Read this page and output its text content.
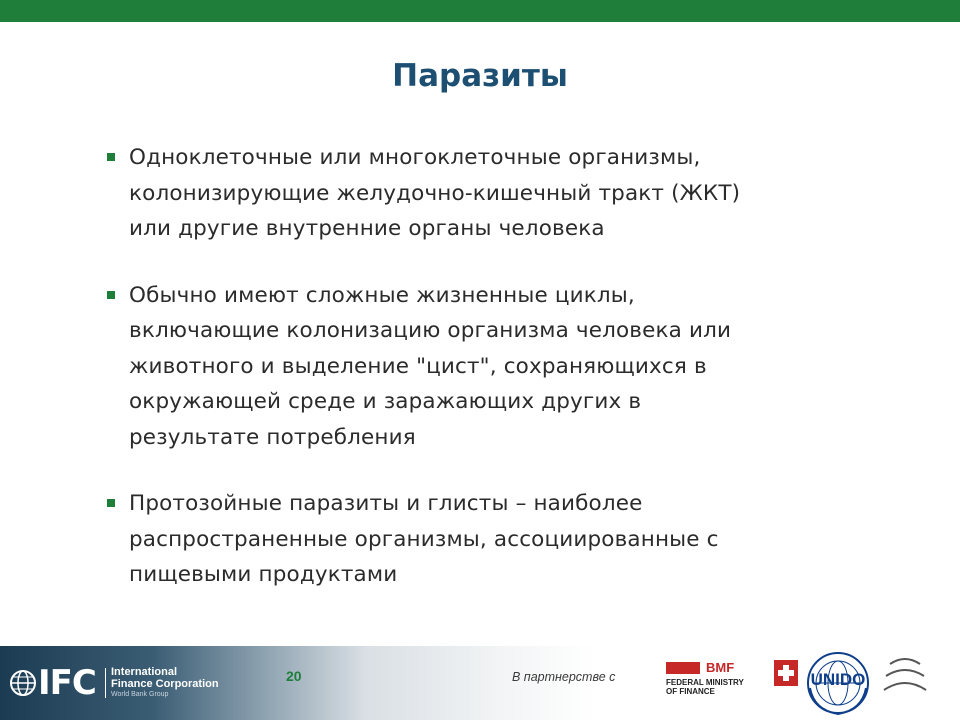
Паразиты
Одноклеточные или многоклеточные организмы,
колонизирующие желудочно-кишечный тракт (ЖКТ)
или другие внутренние органы человека
Обычно имеют сложные жизненные циклы,
включающие колонизацию организма человека или
животного и выделение "цист", сохраняющихся в
окружающей среде и заражающих других в
результате потребления
Протозойные паразиты и глисты – наиболее
распространенные организмы, ассоциированные с
пищевыми продуктами
IFC International
Finance Corporation
World Bank Group
20	В партнерстве с
BMF
FEDERAL MINISTRY
OF FINANCE
UNIDO
